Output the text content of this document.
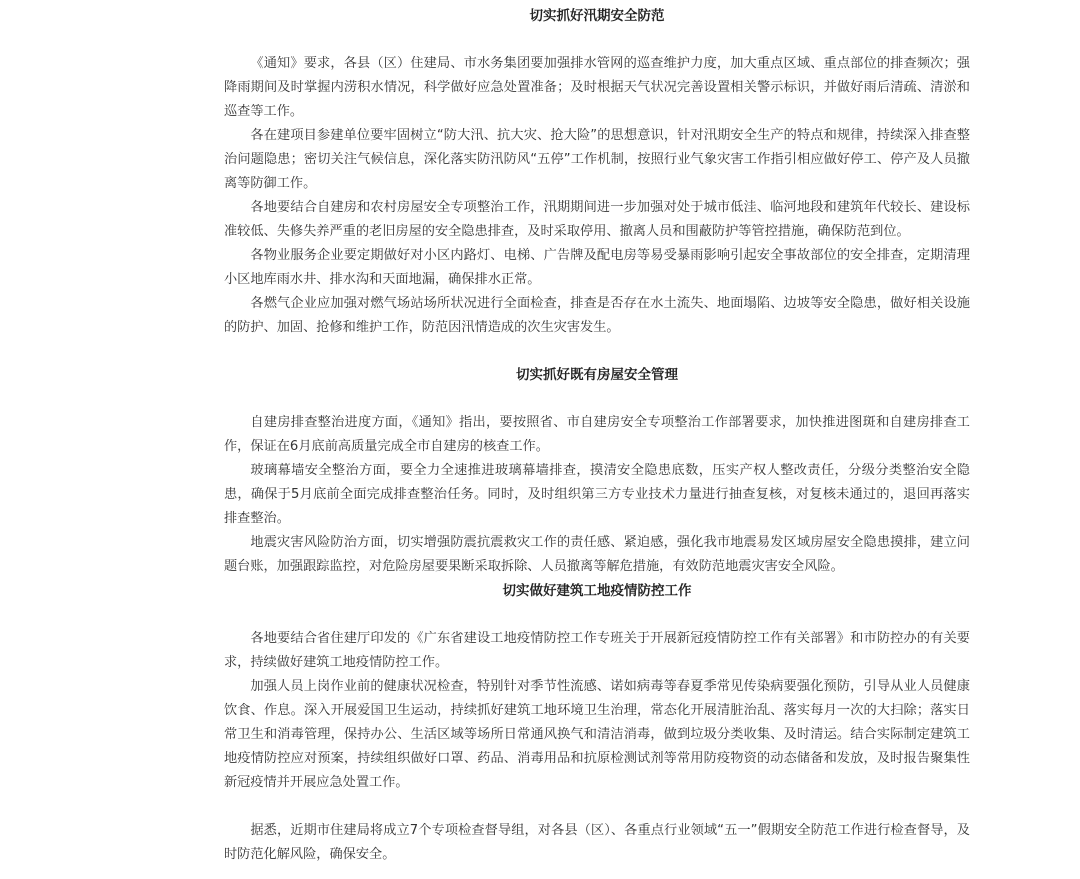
切实抓好汛期安全防范

《通知》要求，各县（区）住建局、市水务集团要加强排水管网的巡查维护力度，加大重点区域、重点部位的排查频次；强降雨期间及时掌握内涝积水情况，科学做好应急处置准备；及时根据天气状况完善设置相关警示标识，并做好雨后清疏、清淤和巡查等工作。

各在建项目参建单位要牢固树立“防大汛、抗大灾、抢大险”的思想意识，针对汛期安全生产的特点和规律，持续深入排查整治问题隐患；密切关注气候信息，深化落实防汛防风“五停”工作机制，按照行业气象灾害工作指引相应做好停工、停产及人员撤离等防御工作。

各地要结合自建房和农村房屋安全专项整治工作，汛期期间进一步加强对处于城市低洼、临河地段和建筑年代较长、建设标准较低、失修失养严重的老旧房屋的安全隐患排查，及时采取停用、撤离人员和围蔽防护等管控措施，确保防范到位。

各物业服务企业要定期做好对小区内路灯、电梯、广告牌及配电房等易受暴雨影响引起安全事故部位的安全排查，定期清理小区地库雨水井、排水沟和天面地漏，确保排水正常。

各燃气企业应加强对燃气场站场所状况进行全面检查，排查是否存在水土流失、地面塌陷、边坡等安全隐患，做好相关设施的防护、加固、抢修和维护工作，防范因汛情造成的次生灾害发生。

切实抓好既有房屋安全管理

自建房排查整治进度方面，《通知》指出，要按照省、市自建房安全专项整治工作部署要求，加快推进图斑和自建房排查工作，保证在6月底前高质量完成全市自建房的核查工作。

玻璃幕墙安全整治方面，要全力全速推进玻璃幕墙排查，摸清安全隐患底数，压实产权人整改责任，分级分类整治安全隐患，确保于5月底前全面完成排查整治任务。同时，及时组织第三方专业技术力量进行抽查复核，对复核未通过的，退回再落实排查整治。

地震灾害风险防治方面，切实增强防震抗震救灾工作的责任感、紧迫感，强化我市地震易发区域房屋安全隐患摸排，建立问题台账，加强跟踪监控，对危险房屋要果断采取拆除、人员撤离等解危措施，有效防范地震灾害安全风险。

切实做好建筑工地疫情防控工作

各地要结合省住建厅印发的《广东省建设工地疫情防控工作专班关于开展新冠疫情防控工作有关部署》和市防控办的有关要求，持续做好建筑工地疫情防控工作。

加强人员上岗作业前的健康状况检查，特别针对季节性流感、诺如病毒等春夏季常见传染病要强化预防，引导从业人员健康饮食、作息。深入开展爱国卫生运动，持续抓好建筑工地环境卫生治理，常态化开展清脏治乱、落实每月一次的大扫除；落实日常卫生和消毒管理，保持办公、生活区域等场所日常通风换气和清洁消毒，做到垃圾分类收集、及时清运。结合实际制定建筑工地疫情防控应对预案，持续组织做好口罩、药品、消毒用品和抗原检测试剂等常用防疫物资的动态储备和发放，及时报告聚集性新冠疫情并开展应急处置工作。

据悉，近期市住建局将成立7个专项检查督导组，对各县（区）、各重点行业领域“五一”假期安全防范工作进行检查督导，及时防范化解风险，确保安全。
